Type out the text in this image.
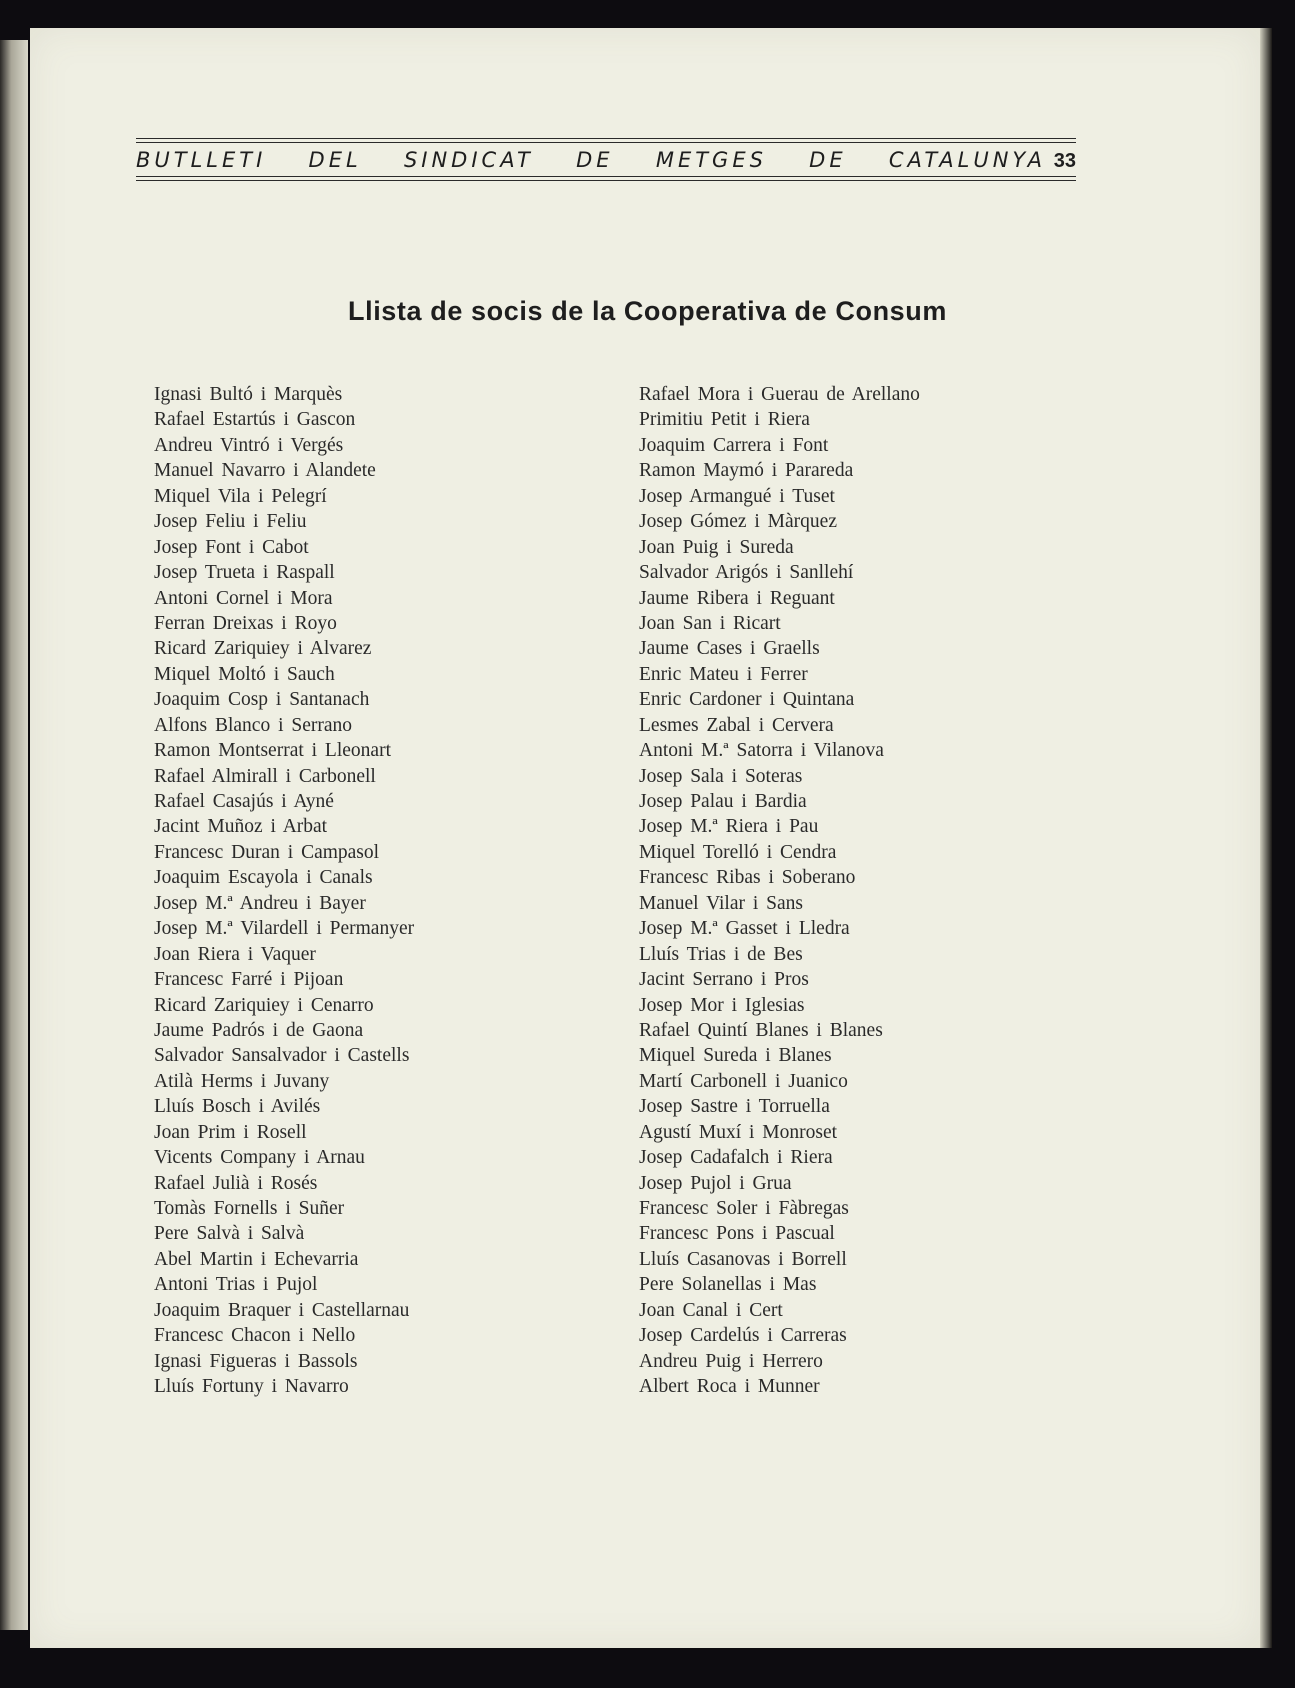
BUTLLETI DEL SINDICAT DE METGES DE CATALUNYA 33
Llista de socis de la Cooperativa de Consum
Ignasi Bultó i Marquès
Rafael Estartús i Gascon
Andreu Vintró i Vergés
Manuel Navarro i Alandete
Miquel Vila i Pelegrí
Josep Feliu i Feliu
Josep Font i Cabot
Josep Trueta i Raspall
Antoni Cornel i Mora
Ferran Dreixas i Royo
Ricard Zariquiey i Alvarez
Miquel Moltó i Sauch
Joaquim Cosp i Santanach
Alfons Blanco i Serrano
Ramon Montserrat i Lleonart
Rafael Almirall i Carbonell
Rafael Casajús i Ayné
Jacint Muñoz i Arbat
Francesc Duran i Campasol
Joaquim Escayola i Canals
Josep M.ª Andreu i Bayer
Josep M.ª Vilardell i Permanyer
Joan Riera i Vaquer
Francesc Farré i Pijoan
Ricard Zariquiey i Cenarro
Jaume Padrós i de Gaona
Salvador Sansalvador i Castells
Atilà Herms i Juvany
Lluís Bosch i Avilés
Joan Prim i Rosell
Vicents Company i Arnau
Rafael Julià i Rosés
Tomàs Fornells i Suñer
Pere Salvà i Salvà
Abel Martin i Echevarria
Antoni Trias i Pujol
Joaquim Braquer i Castellarnau
Francesc Chacon i Nello
Ignasi Figueras i Bassols
Lluís Fortuny i Navarro
Rafael Mora i Guerau de Arellano
Primitiu Petit i Riera
Joaquim Carrera i Font
Ramon Maymó i Parareda
Josep Armangué i Tuset
Josep Gómez i Màrquez
Joan Puig i Sureda
Salvador Arigós i Sanllehí
Jaume Ribera i Reguant
Joan San i Ricart
Jaume Cases i Graells
Enric Mateu i Ferrer
Enric Cardoner i Quintana
Lesmes Zabal i Cervera
Antoni M.ª Satorra i Vilanova
Josep Sala i Soteras
Josep Palau i Bardia
Josep M.ª Riera i Pau
Miquel Torelló i Cendra
Francesc Ribas i Soberano
Manuel Vilar i Sans
Josep M.ª Gasset i Lledra
Lluís Trias i de Bes
Jacint Serrano i Pros
Josep Mor i Iglesias
Rafael Quintí Blanes i Blanes
Miquel Sureda i Blanes
Martí Carbonell i Juanico
Josep Sastre i Torruella
Agustí Muxí i Monroset
Josep Cadafalch i Riera
Josep Pujol i Grua
Francesc Soler i Fàbregas
Francesc Pons i Pascual
Lluís Casanovas i Borrell
Pere Solanellas i Mas
Joan Canal i Cert
Josep Cardelús i Carreras
Andreu Puig i Herrero
Albert Roca i Munner
